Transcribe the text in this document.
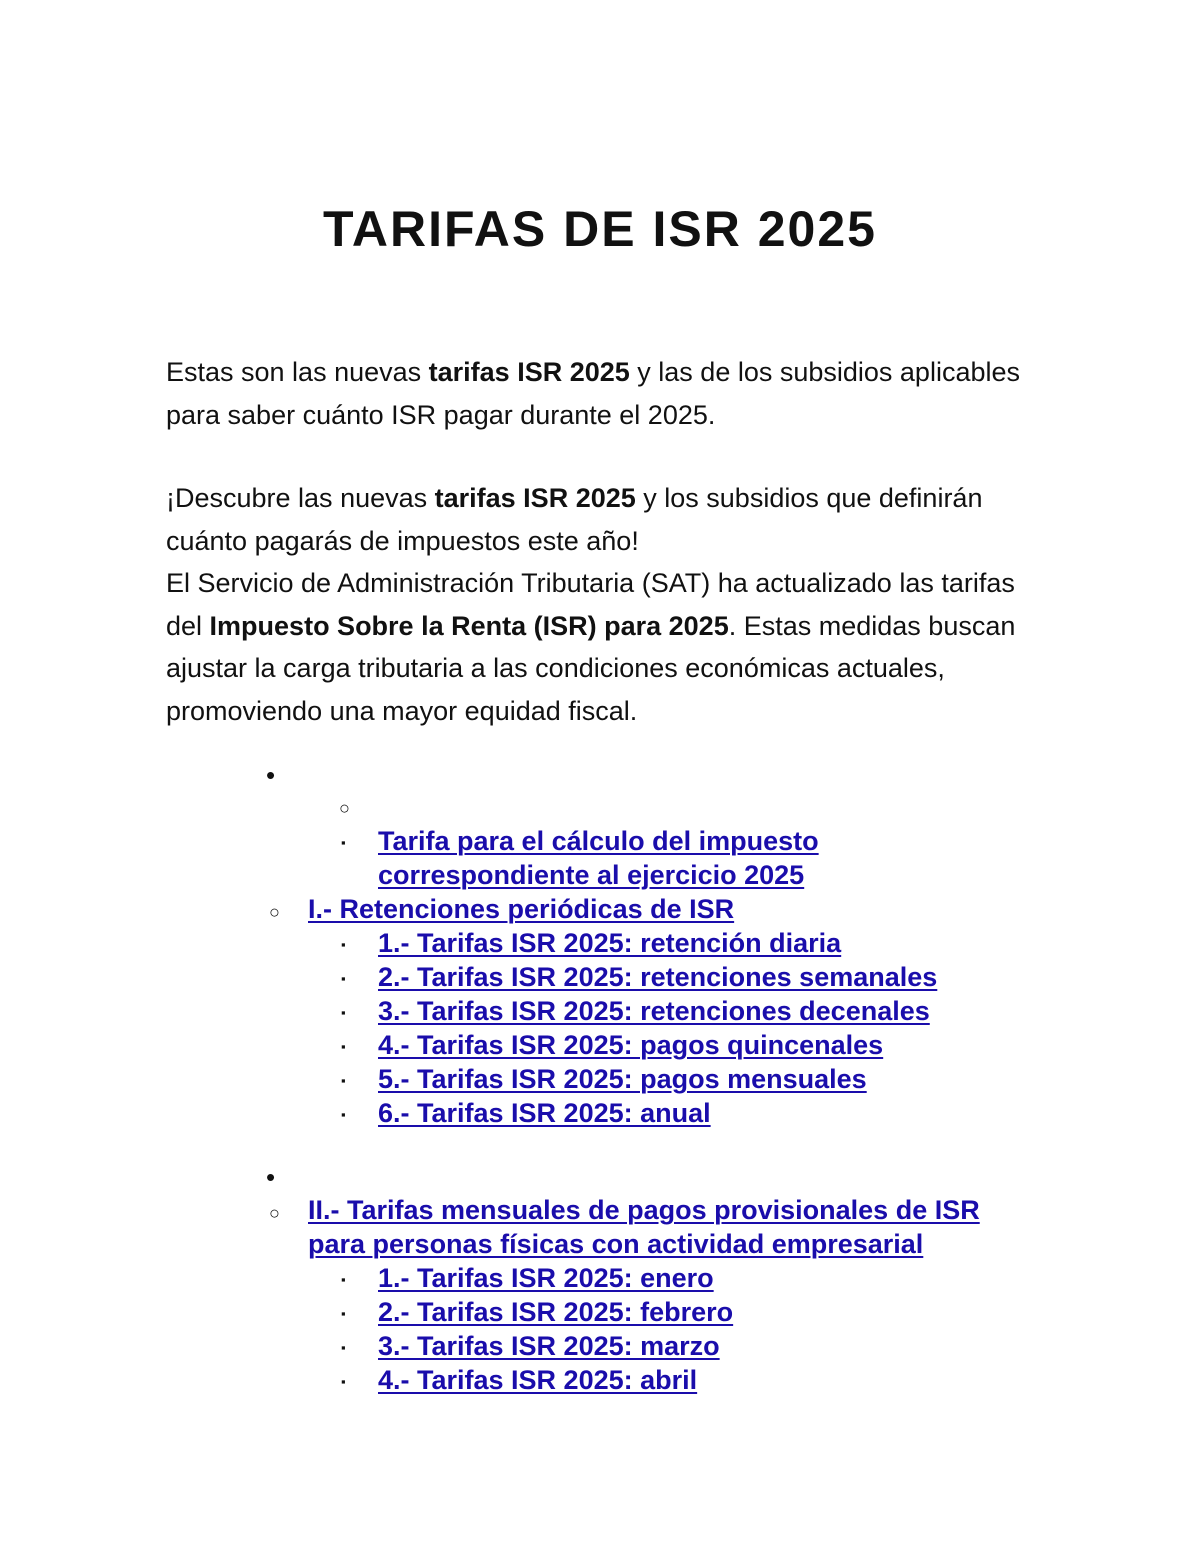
TARIFAS DE ISR 2025

Estas son las nuevas tarifas ISR 2025 y las de los subsidios aplicables para saber cuánto ISR pagar durante el 2025.

¡Descubre las nuevas tarifas ISR 2025 y los subsidios que definirán cuánto pagarás de impuestos este año!
El Servicio de Administración Tributaria (SAT) ha actualizado las tarifas del Impuesto Sobre la Renta (ISR) para 2025. Estas medidas buscan ajustar la carga tributaria a las condiciones económicas actuales, promoviendo una mayor equidad fiscal.

•
○
▪ Tarifa para el cálculo del impuesto
correspondiente al ejercicio 2025
○ I.- Retenciones periódicas de ISR
▪ 1.- Tarifas ISR 2025: retención diaria
▪ 2.- Tarifas ISR 2025: retenciones semanales
▪ 3.- Tarifas ISR 2025: retenciones decenales
▪ 4.- Tarifas ISR 2025: pagos quincenales
▪ 5.- Tarifas ISR 2025: pagos mensuales
▪ 6.- Tarifas ISR 2025: anual
•
○ II.- Tarifas mensuales de pagos provisionales de ISR
para personas físicas con actividad empresarial
▪ 1.- Tarifas ISR 2025: enero
▪ 2.- Tarifas ISR 2025: febrero
▪ 3.- Tarifas ISR 2025: marzo
▪ 4.- Tarifas ISR 2025: abril
